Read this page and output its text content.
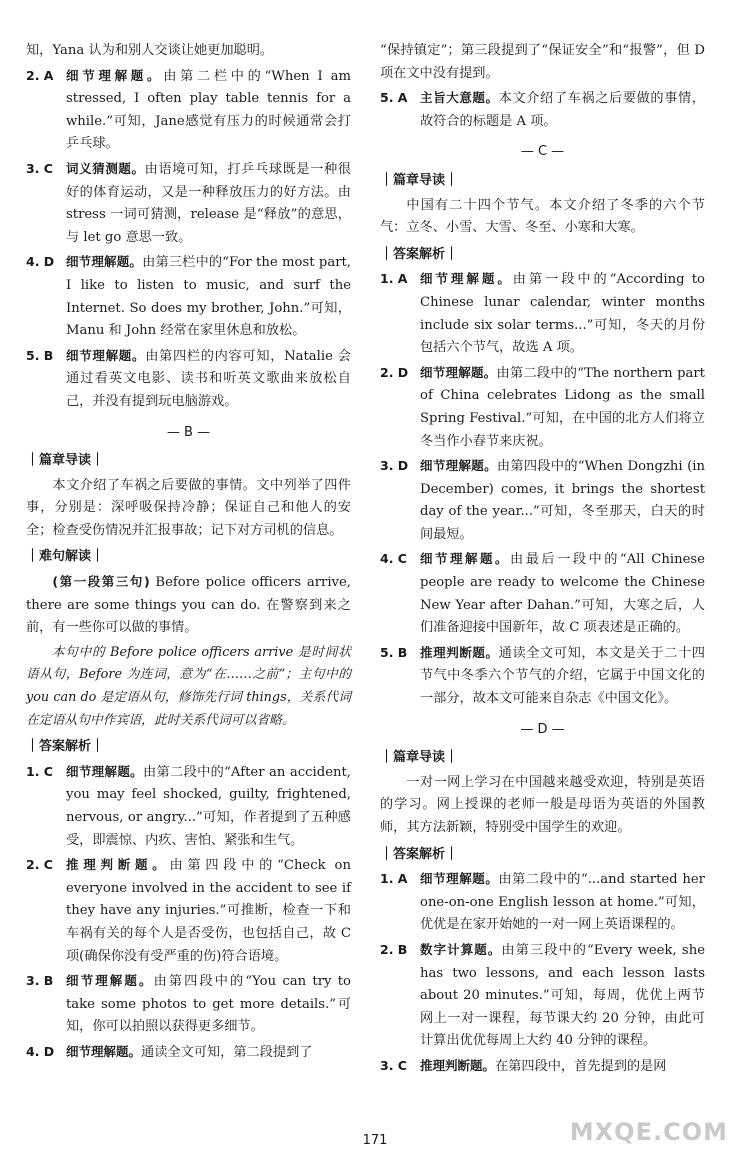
知，Yana 认为和别人交谈让她更加聪明。

2. A	细节理解题。由第二栏中的“When I am stressed, I often play table tennis for a while.”可知，Jane感觉有压力的时候通常会打乒乓球。
3. C	词义猜测题。由语境可知，打乒乓球既是一种很好的体育运动，又是一种释放压力的好方法。由 stress 一词可猜测，release 是“释放”的意思，与 let go 意思一致。
4. D 细节理解题。由第三栏中的“For the most part, I like to listen to music, and surf the Internet. So does my brother, John.”可知，Manu 和 John 经常在家里休息和放松。
5. B	细节理解题。由第四栏的内容可知，Natalie 会通过看英文电影、读书和听英文歌曲来放松自己，并没有提到玩电脑游戏。
— B —
｜篇章导读｜

本文介绍了车祸之后要做的事情。文中列举了四件事，分别是：深呼吸保持冷静；保证自己和他人的安全；检查受伤情况并汇报事故；记下对方司机的信息。

｜难句解读｜

(第一段第三句) Before police officers arrive, there are some things you can do. 在警察到来之前，有一些你可以做的事情。

本句中的 Before police officers arrive 是时间状语从句，Before 为连词，意为“在……之前”；主句中的 you can do 是定语从句，修饰先行词 things，关系代词在定语从句中作宾语，此时关系代词可以省略。

｜答案解析｜
1. C	细节理解题。由第二段中的“After an accident, you may feel shocked, guilty, frightened, nervous, or angry...”可知，作者提到了五种感受，即震惊、内疚、害怕、紧张和生气。
2. C	推理判断题。由第四段中的“Check on everyone involved in the accident to see if they have any injuries.”可推断，检查一下和车祸有关的每个人是否受伤，也包括自己，故 C 项(确保你没有受严重的伤)符合语境。
3. B	细节理解题。由第四段中的“You can try to take some photos to get more details.”可知，你可以拍照以获得更多细节。
4. D 细节理解题。通读全文可知，第二段提到了

“保持镇定”；第三段提到了“保证安全”和“报警”，但 D 项在文中没有提到。

5. A	主旨大意题。本文介绍了车祸之后要做的事情，故符合的标题是 A 项。
— C —
｜篇章导读｜

中国有二十四个节气。本文介绍了冬季的六个节气：立冬、小雪、大雪、冬至、小寒和大寒。

｜答案解析｜
1. A	细节理解题。由第一段中的“According to Chinese lunar calendar, winter months include six solar terms...”可知，冬天的月份包括六个节气，故选 A 项。
2. D 细节理解题。由第二段中的“The northern part of China celebrates Lidong as the small Spring Festival.”可知，在中国的北方人们将立冬当作小春节来庆祝。
3. D 细节理解题。由第四段中的“When Dongzhi (in December) comes, it brings the shortest day of the year...”可知，冬至那天，白天的时间最短。
4. C	细节理解题。由最后一段中的“All Chinese people are ready to welcome the Chinese New Year after Dahan.”可知，大寒之后，人们准备迎接中国新年，故 C 项表述是正确的。
5. B	推理判断题。通读全文可知，本文是关于二十四节气中冬季六个节气的介绍，它属于中国文化的一部分，故本文可能来自杂志《中国文化》。
— D —
｜篇章导读｜

一对一网上学习在中国越来越受欢迎，特别是英语的学习。网上授课的老师一般是母语为英语的外国教师，其方法新颖，特别受中国学生的欢迎。

｜答案解析｜
1. A	细节理解题。由第二段中的“...and started her one-on-one English lesson at home.”可知，优优是在家开始她的一对一网上英语课程的。
2. B	数字计算题。由第三段中的“Every week, she has two lessons, and each lesson lasts about 20 minutes.”可知，每周，优优上两节网上一对一课程，每节课大约 20 分钟，由此可计算出优优每周上大约 40 分钟的课程。
3. C	推理判断题。在第四段中，首先提到的是网
171	MXQE.COM
